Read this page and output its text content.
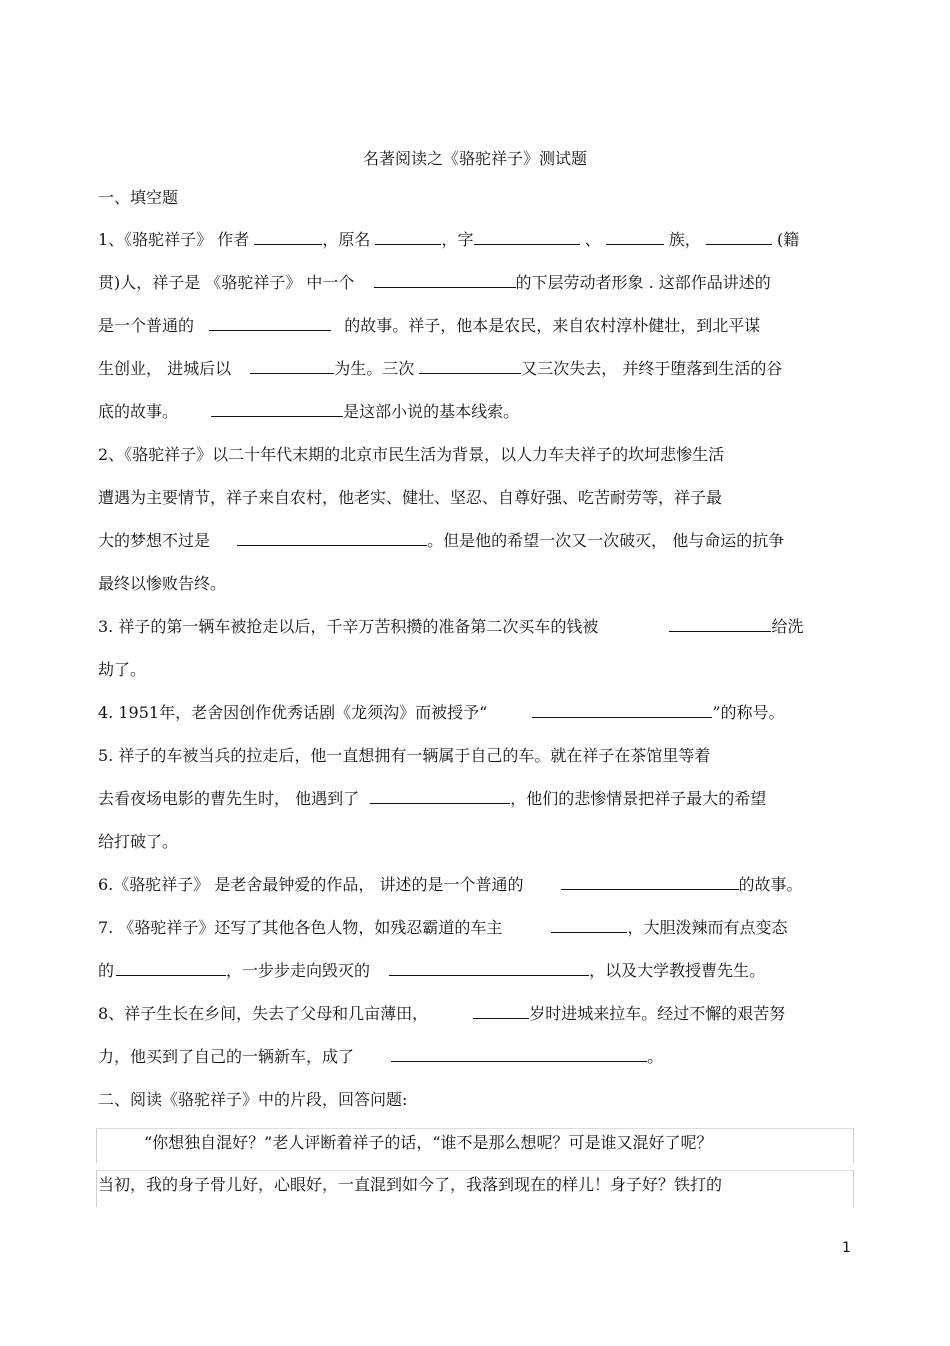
名著阅读之《骆驼祥子》测试题
一、填空题
1、《骆驼祥子》 作者	，原名	，字	、	族，	(籍
贯)人，祥子是 《骆驼祥子》 中一个	的下层劳动者形象 . 这部作品讲述的
是一个普通的	的故事。祥子，他本是农民，来自农村淳朴健壮，到北平谋
生创业， 进城后以	为生。三次	又三次失去， 并终于堕落到生活的谷
底的故事。	是这部小说的基本线索。
2、《骆驼祥子》以二十年代末期的北京市民生活为背景，以人力车夫祥子的坎坷悲惨生活
遭遇为主要情节，祥子来自农村，他老实、健壮、坚忍、自尊好强、吃苦耐劳等，祥子最
大的梦想不过是	。但是他的希望一次又一次破灭， 他与命运的抗争
最终以惨败告终。
3. 祥子的第一辆车被抢走以后，千辛万苦积攒的准备第二次买车的钱被	给洗
劫了。
4. 1951年，老舍因创作优秀话剧《龙须沟》而被授予“	”的称号。
5. 祥子的车被当兵的拉走后，他一直想拥有一辆属于自己的车。就在祥子在茶馆里等着
去看夜场电影的曹先生时， 他遇到了	，他们的悲惨情景把祥子最大的希望
给打破了。
6.《骆驼祥子》 是老舍最钟爱的作品， 讲述的是一个普通的	的故事。
7. 《骆驼祥子》还写了其他各色人物，如残忍霸道的车主	，大胆泼辣而有点变态
的	，一步步走向毁灭的	，以及大学教授曹先生。
8、祥子生长在乡间，失去了父母和几亩薄田，	岁时进城来拉车。经过不懈的艰苦努
力，他买到了自己的一辆新车，成了	。
二、阅读《骆驼祥子》中的片段，回答问题:
“你想独自混好？”老人评断着祥子的话，“谁不是那么想呢？可是谁又混好了呢？
当初，我的身子骨儿好，心眼好，一直混到如今了，我落到现在的样儿！身子好？铁打的
1
